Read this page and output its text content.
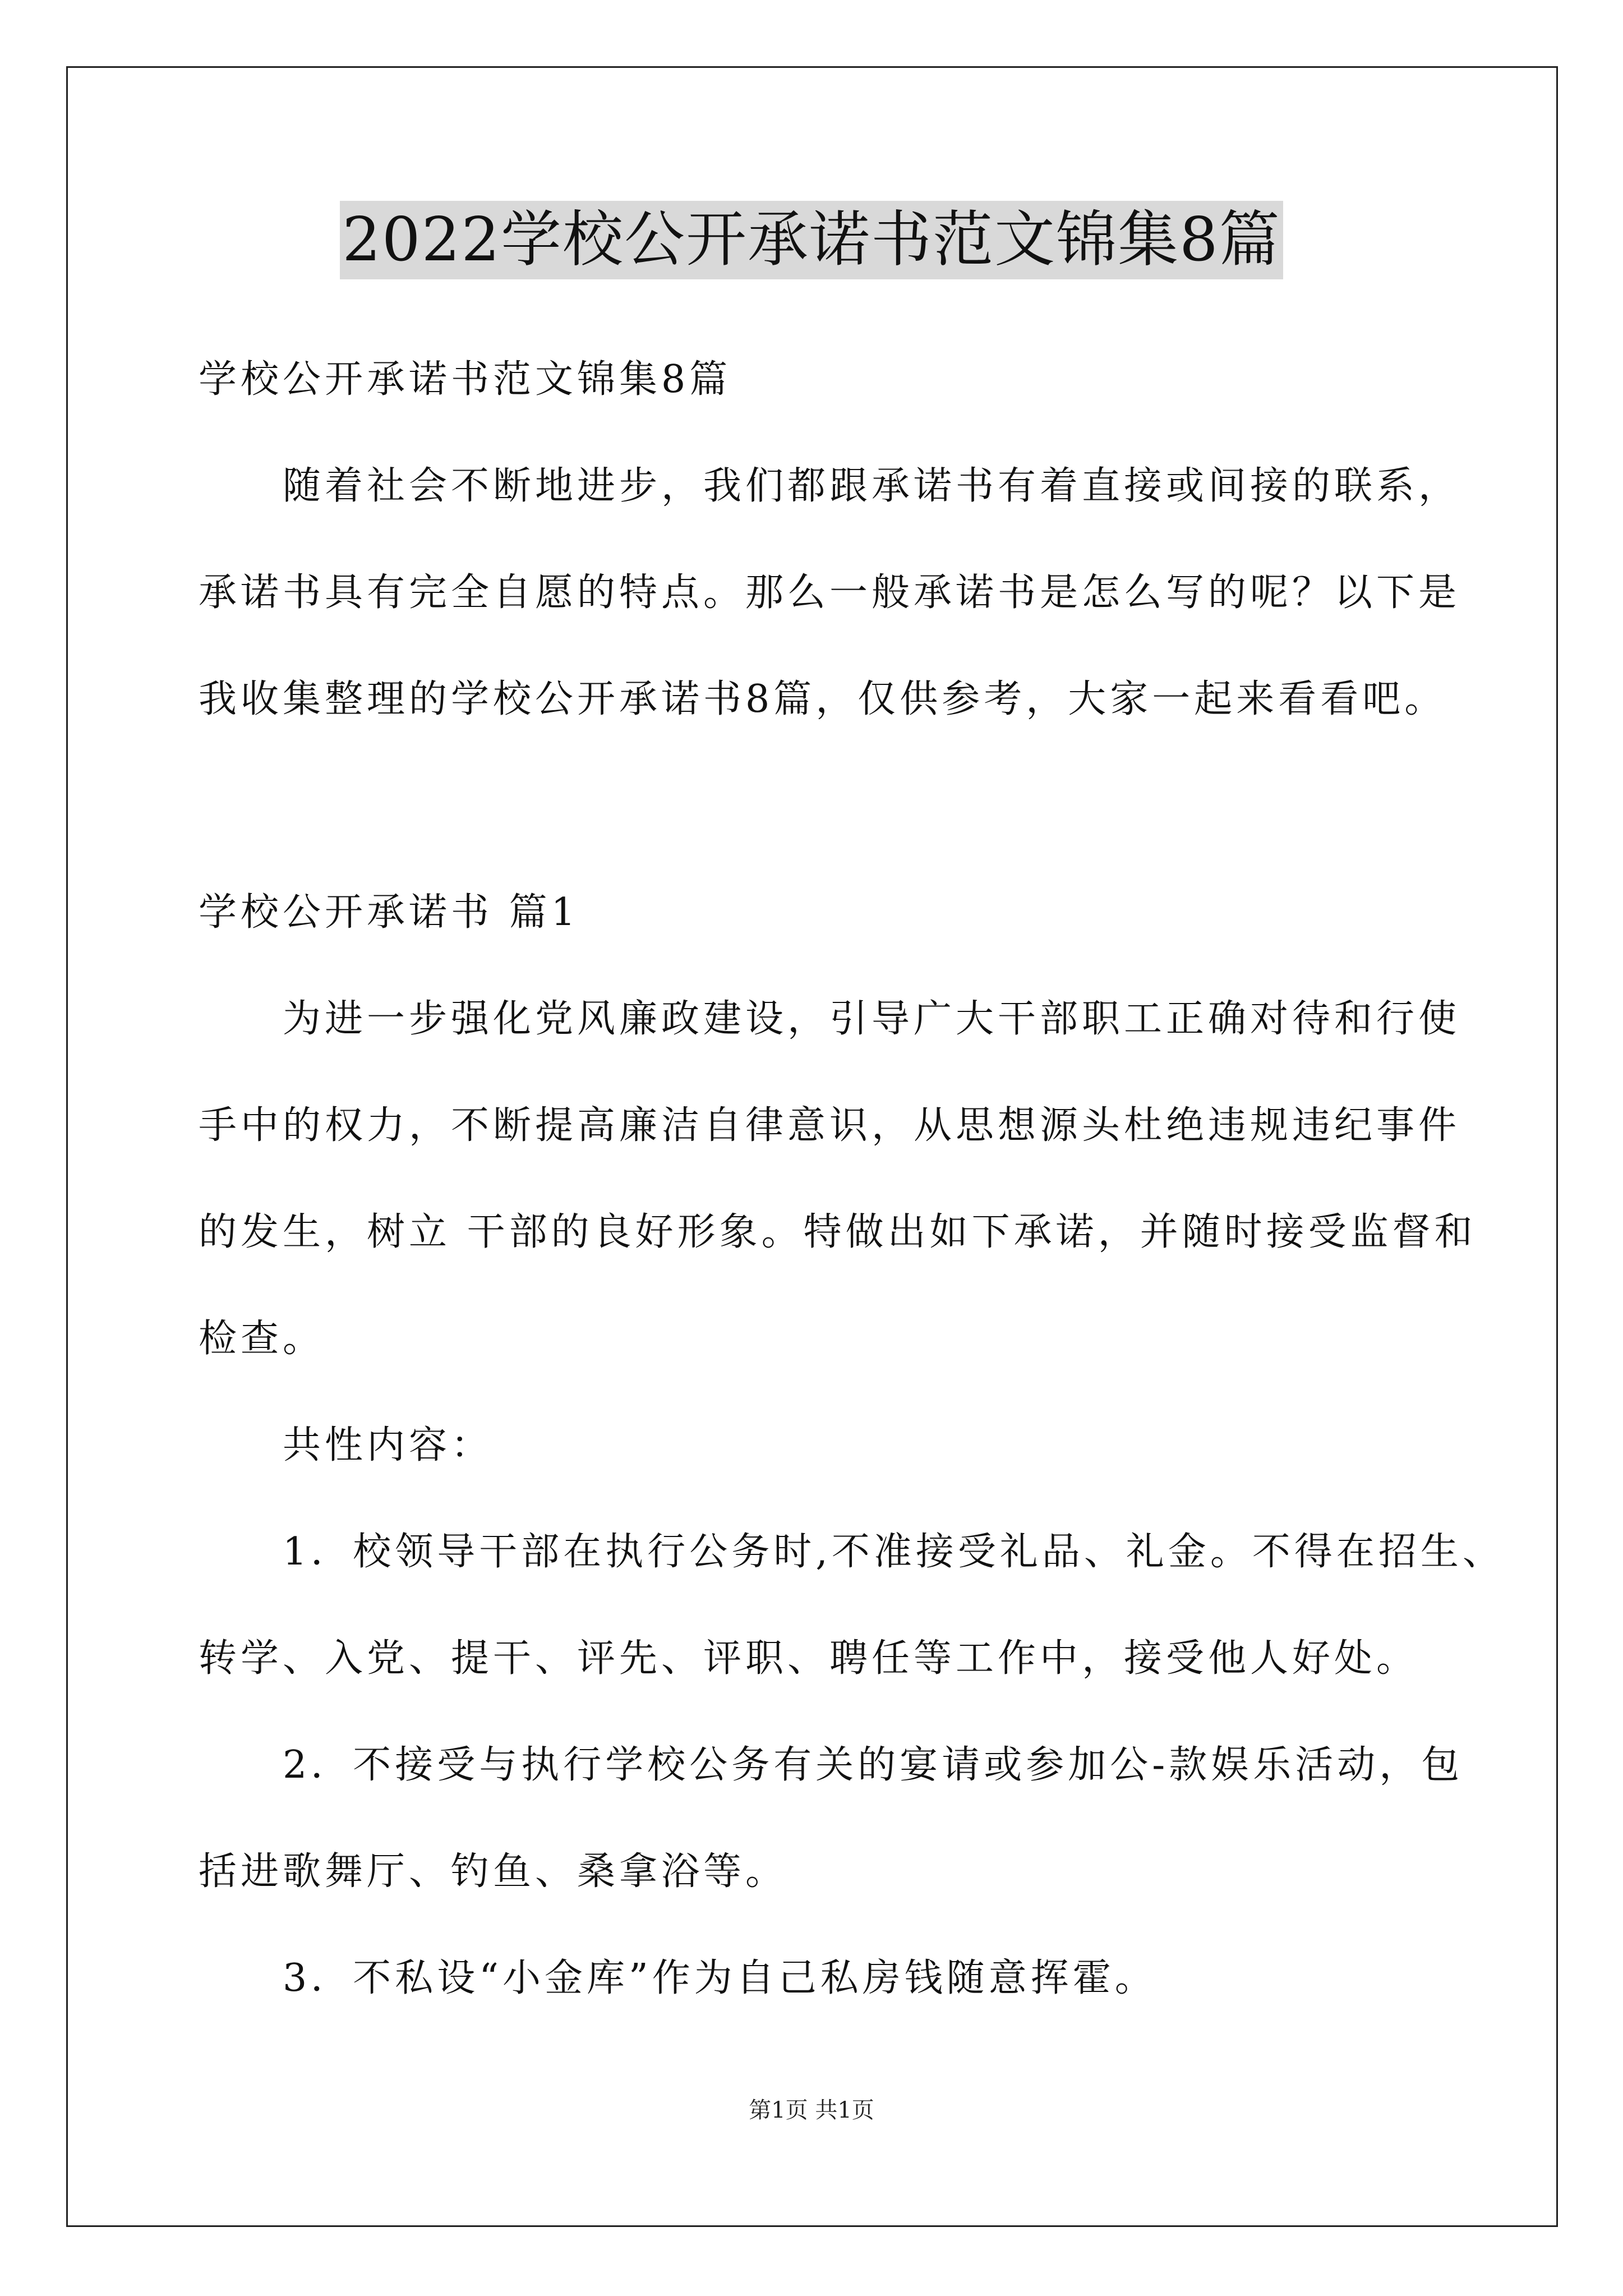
2022学校公开承诺书范文锦集8篇
学校公开承诺书范文锦集8篇
随着社会不断地进步，我们都跟承诺书有着直接或间接的联系，
承诺书具有完全自愿的特点。那么一般承诺书是怎么写的呢？以下是
我收集整理的学校公开承诺书8篇，仅供参考，大家一起来看看吧。
学校公开承诺书 篇1
为进一步强化党风廉政建设，引导广大干部职工正确对待和行使
手中的权力，不断提高廉洁自律意识，从思想源头杜绝违规违纪事件
的发生，树立 干部的良好形象。特做出如下承诺，并随时接受监督和
检查。
共性内容：
1．校领导干部在执行公务时,不准接受礼品、礼金。不得在招生、
转学、入党、提干、评先、评职、聘任等工作中，接受他人好处。
2．不接受与执行学校公务有关的宴请或参加公-款娱乐活动，包
括进歌舞厅、钓鱼、桑拿浴等。
3．不私设“小金库”作为自己私房钱随意挥霍。
第1页 共1页
